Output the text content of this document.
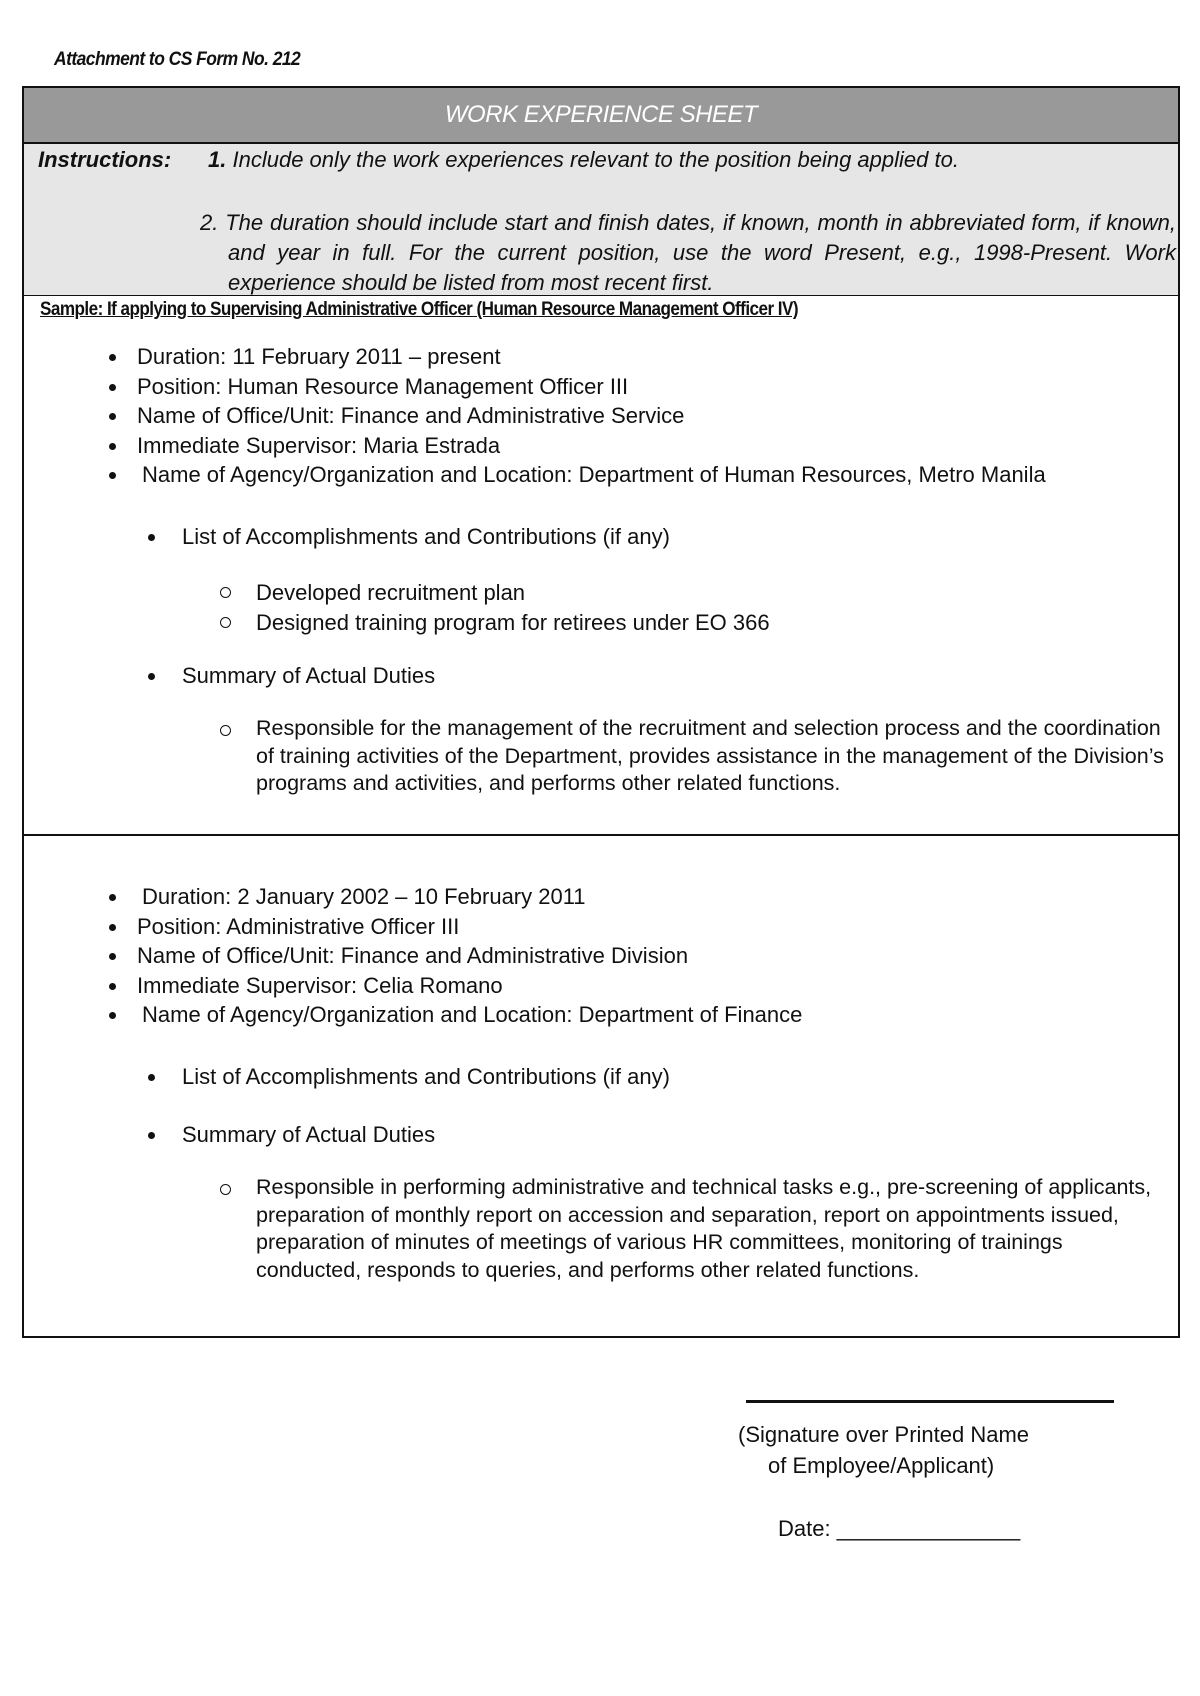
Attachment to CS Form No. 212
WORK EXPERIENCE SHEET
Instructions: 1. Include only the work experiences relevant to the position being applied to.
2. The duration should include start and finish dates, if known, month in abbreviated form, if known, and year in full. For the current position, use the word Present, e.g., 1998-Present. Work experience should be listed from most recent first.
Sample: If applying to Supervising Administrative Officer (Human Resource Management Officer IV)
Duration: 11 February 2011 – present
Position: Human Resource Management Officer III
Name of Office/Unit: Finance and Administrative Service
Immediate Supervisor: Maria Estrada
Name of Agency/Organization and Location: Department of Human Resources, Metro Manila
List of Accomplishments and Contributions (if any)
Developed recruitment plan
Designed training program for retirees under EO 366
Summary of Actual Duties
Responsible for the management of the recruitment and selection process and the coordination of training activities of the Department, provides assistance in the management of the Division’s programs and activities, and performs other related functions.
Duration: 2 January 2002 – 10 February 2011
Position: Administrative Officer III
Name of Office/Unit: Finance and Administrative Division
Immediate Supervisor: Celia Romano
Name of Agency/Organization and Location: Department of Finance
List of Accomplishments and Contributions (if any)
Summary of Actual Duties
Responsible in performing administrative and technical tasks e.g., pre-screening of applicants, preparation of monthly report on accession and separation, report on appointments issued, preparation of minutes of meetings of various HR committees, monitoring of trainings conducted, responds to queries, and performs other related functions.
(Signature over Printed Name
of Employee/Applicant)
Date: _______________
